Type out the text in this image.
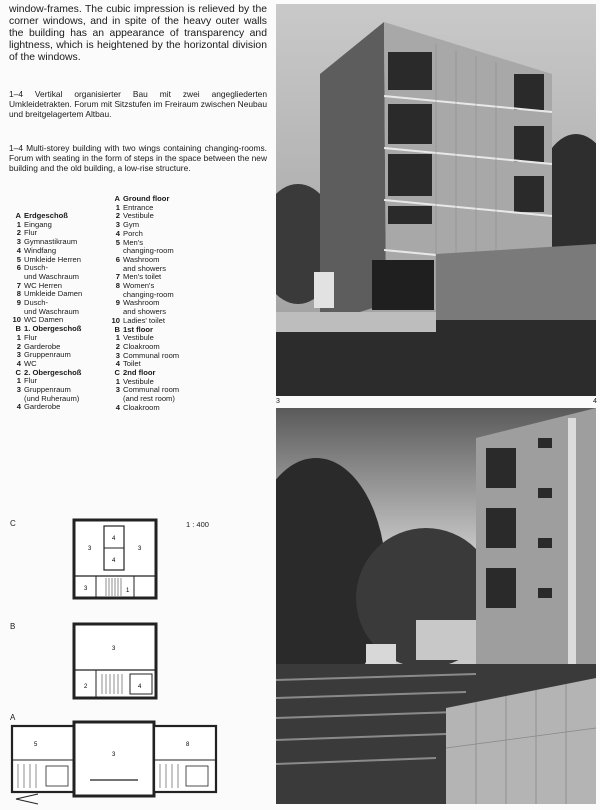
window-frames. The cubic impression is relieved by the corner windows, and in spite of the heavy outer walls the building has an appearance of transparency and lightness, which is heightened by the horizontal division of the windows.

1–4 Vertikal organisierter Bau mit zwei angegliederten Umkleidetrakten. Forum mit Sitzstufen im Freiraum zwischen Neubau und breitgelagertem Altbau.

1–4 Multi-storey building with two wings containing changing-rooms. Forum with seating in the form of steps in the space between the new building and the old building, a low-rise structure.

A Erdgeschoß
1 Eingang
2 Flur
3 Gymnastikraum
4 Windfang
5 Umkleide Herren
6 Dusch-
und Waschraum
7 WC Herren
8 Umkleide Damen
9 Dusch-
und Waschraum
10 WC Damen
B 1. Obergeschoß
1 Flur
2 Garderobe
3 Gruppenraum
4 WC
C 2. Obergeschoß
1 Flur
3 Gruppenraum
(und Ruheraum)
4 Garderobe
A Ground floor
1 Entrance
2 Vestibule
3 Gym
4 Porch
5 Men's
changing-room
6 Washroom
and showers
7 Men's toilet
8 Women's
changing-room
9 Washroom
and showers
10 Ladies' toilet
B 1st floor
1 Vestibule
2 Cloakroom
3 Communal room
4 Toilet
C 2nd floor
1 Vestibule
3 Communal room
(and rest room)
4 Cloakroom
C	1 : 400
B
A
3	3
3
4
4
1
3
2	4
5
3
8
3	4
